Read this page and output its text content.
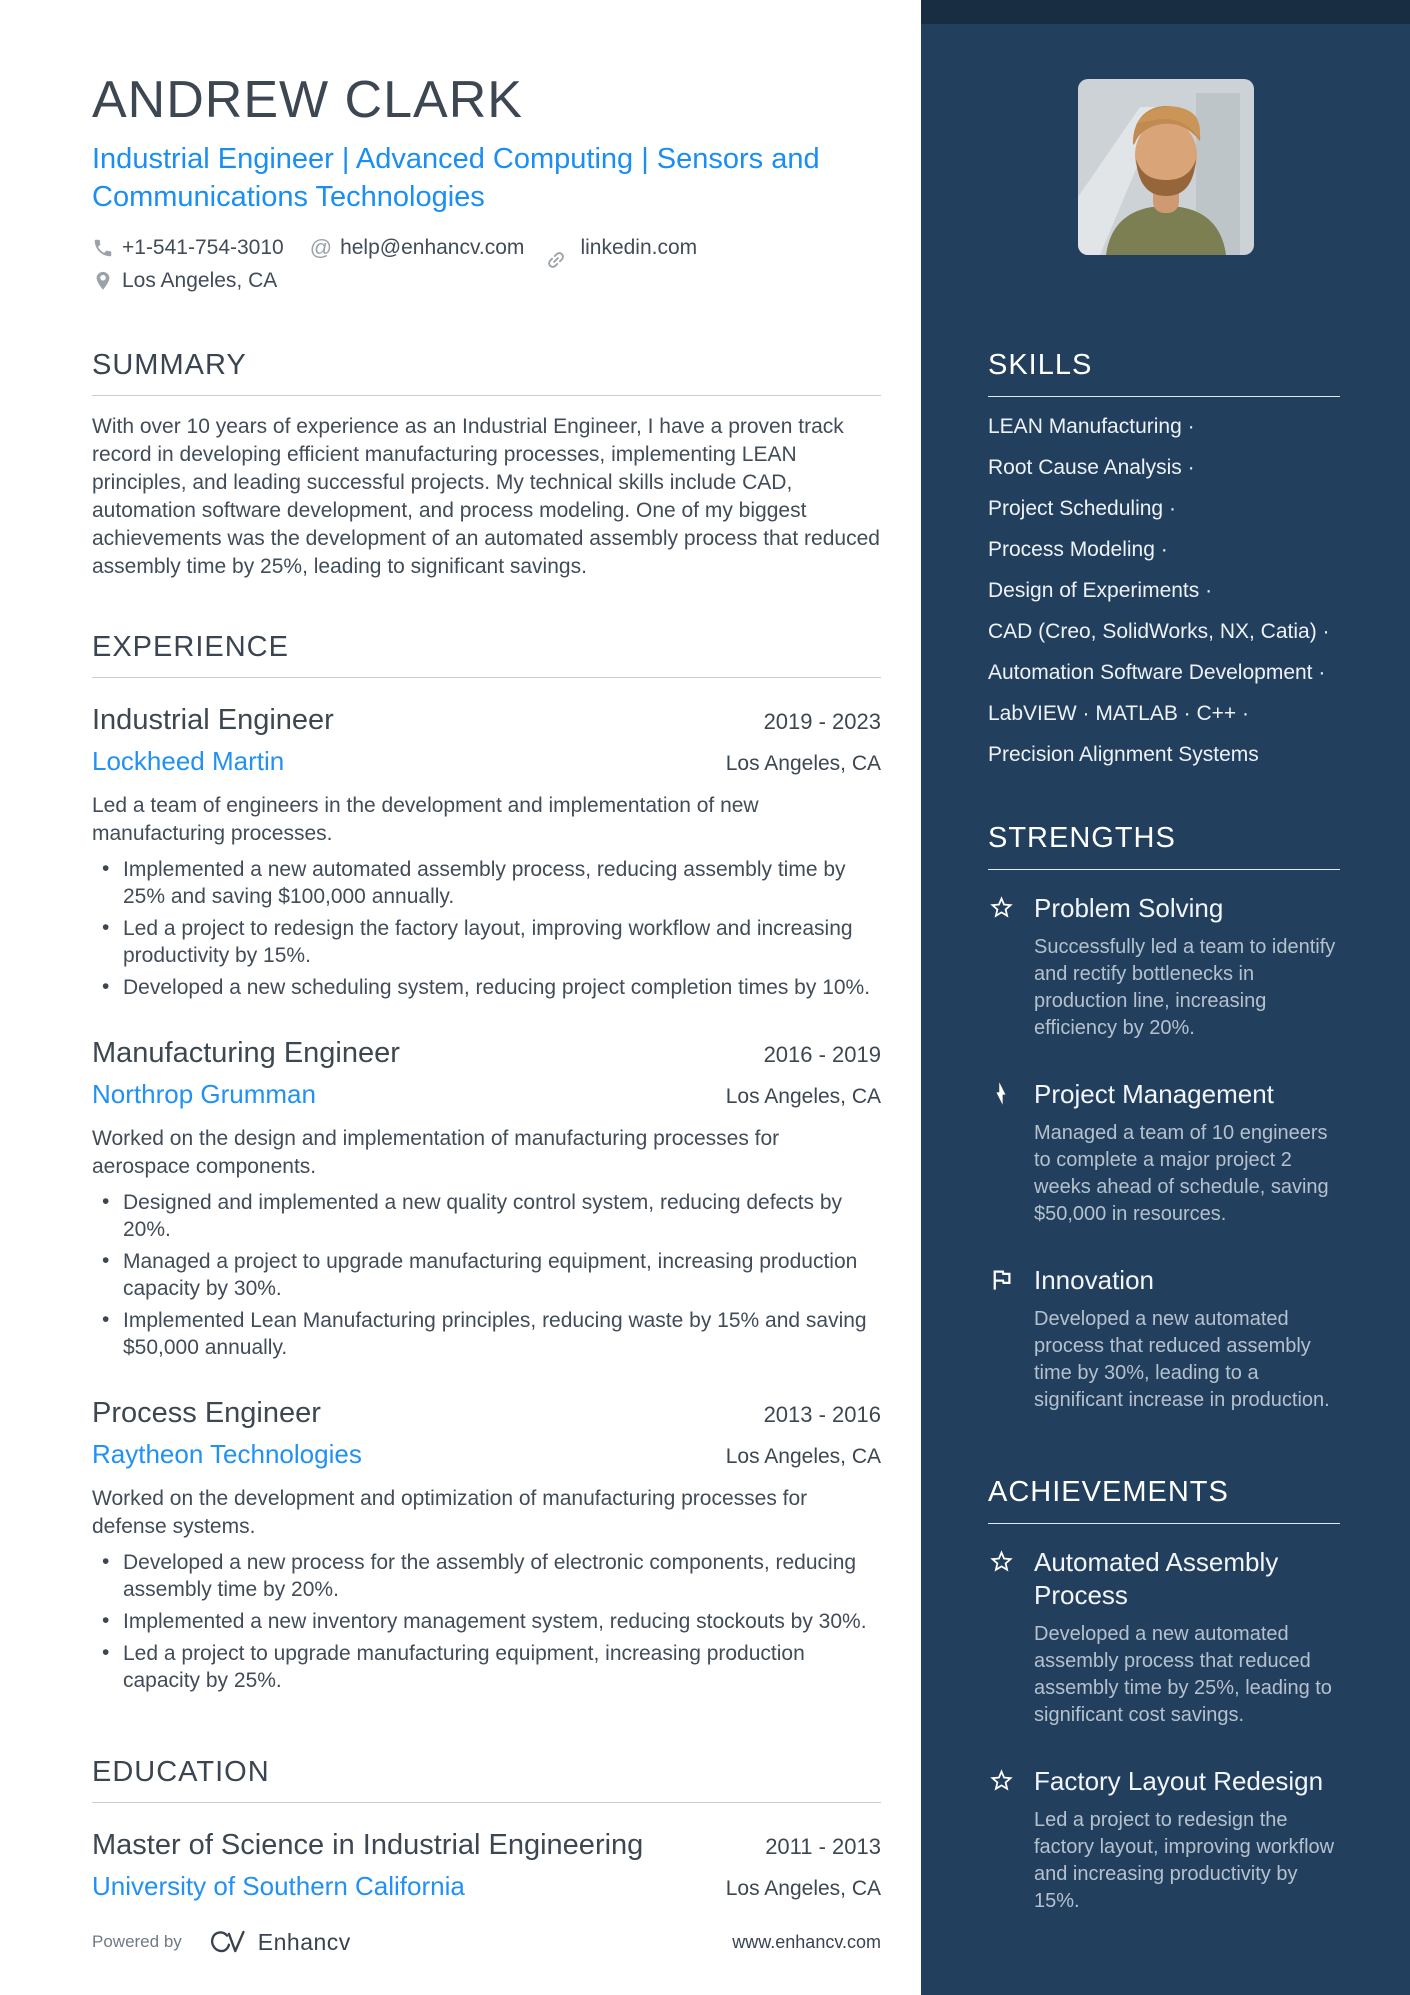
ANDREW CLARK
Industrial Engineer | Advanced Computing | Sensors and Communications Technologies
+1-541-754-3010 @ help@enhancv.com	linkedin.com
Los Angeles, CA
SUMMARY
With over 10 years of experience as an Industrial Engineer, I have a proven track record in developing efficient manufacturing processes, implementing LEAN principles, and leading successful projects. My technical skills include CAD, automation software development, and process modeling. One of my biggest achievements was the development of an automated assembly process that reduced assembly time by 25%, leading to significant savings.
EXPERIENCE
Industrial Engineer	2019 - 2023
Lockheed Martin	Los Angeles, CA
Led a team of engineers in the development and implementation of new manufacturing processes.
• Implemented a new automated assembly process, reducing assembly time by 25% and saving $100,000 annually.
• Led a project to redesign the factory layout, improving workflow and increasing productivity by 15%.
• Developed a new scheduling system, reducing project completion times by 10%.
Manufacturing Engineer	2016 - 2019
Northrop Grumman	Los Angeles, CA
Worked on the design and implementation of manufacturing processes for aerospace components.
• Designed and implemented a new quality control system, reducing defects by 20%.
• Managed a project to upgrade manufacturing equipment, increasing production capacity by 30%.
• Implemented Lean Manufacturing principles, reducing waste by 15% and saving $50,000 annually.
Process Engineer	2013 - 2016
Raytheon Technologies	Los Angeles, CA
Worked on the development and optimization of manufacturing processes for defense systems.
• Developed a new process for the assembly of electronic components, reducing assembly time by 20%.
• Implemented a new inventory management system, reducing stockouts by 30%.
• Led a project to upgrade manufacturing equipment, increasing production capacity by 25%.
EDUCATION
Master of Science in Industrial Engineering	2011 - 2013
University of Southern California	Los Angeles, CA
Powered by	Enhancv	www.enhancv.com
SKILLS
LEAN Manufacturing ·
Root Cause Analysis ·
Project Scheduling ·
Process Modeling ·
Design of Experiments ·
CAD (Creo, SolidWorks, NX, Catia) ·
Automation Software Development ·
LabVIEW · MATLAB · C++ ·
Precision Alignment Systems
STRENGTHS
Problem Solving
Successfully led a team to identify and rectify bottlenecks in production line, increasing efficiency by 20%.
Project Management
Managed a team of 10 engineers to complete a major project 2 weeks ahead of schedule, saving $50,000 in resources.
Innovation
Developed a new automated process that reduced assembly time by 30%, leading to a significant increase in production.
ACHIEVEMENTS
Automated Assembly Process
Developed a new automated assembly process that reduced assembly time by 25%, leading to significant cost savings.
Factory Layout Redesign
Led a project to redesign the factory layout, improving workflow and increasing productivity by 15%.
